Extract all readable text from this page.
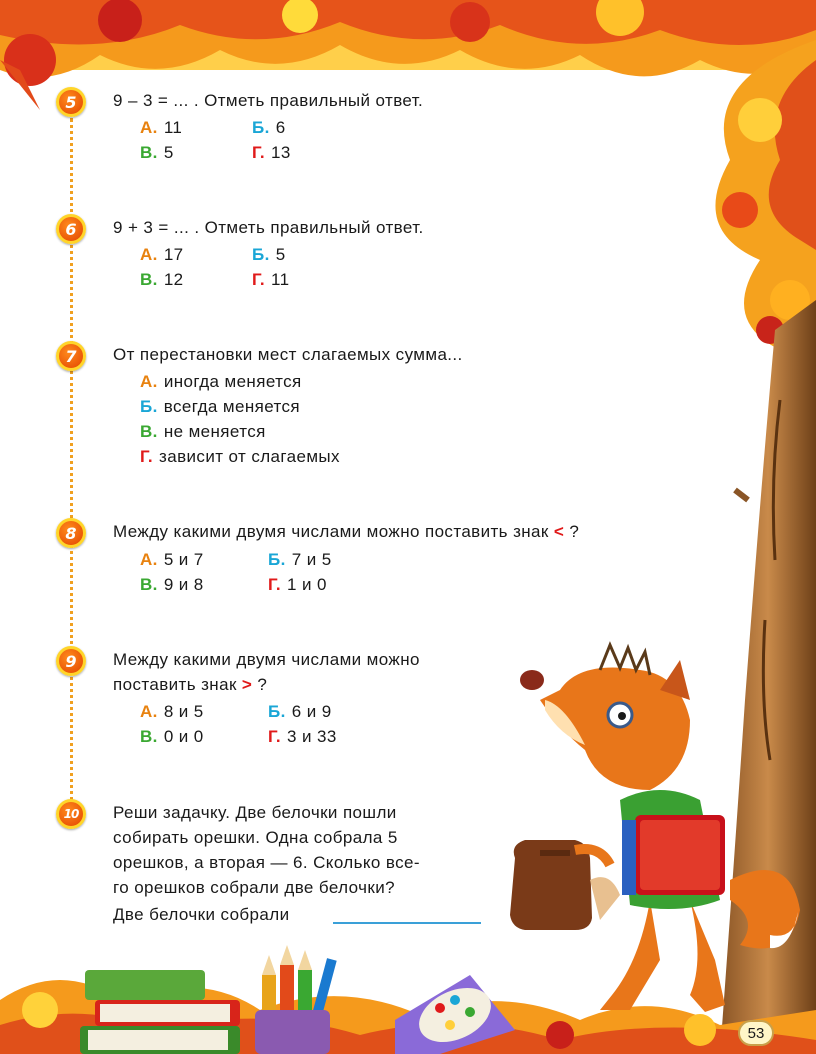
5	9 – 3 = ... . Отметь правильный ответ.
А. 11	Б. 6
В. 5	Г. 13
6	9 + 3 = ... . Отметь правильный ответ.
А. 17	Б. 5
В. 12	Г. 11
7	От перестановки мест слагаемых сумма...
А. иногда меняется
Б. всегда меняется
В. не меняется
Г. зависит от слагаемых
8	Между какими двумя числами можно поставить знак < ?
А. 5 и 7	Б. 7 и 5
В. 9 и 8	Г. 1 и 0
9	Между какими двумя числами можно
поставить знак > ?
А. 8 и 5	Б. 6 и 9
В. 0 и 0	Г. 3 и 33
10	Реши задачку. Две белочки пошли
собирать орешки. Одна собрала 5
орешков, а вторая — 6. Сколько все-
го орешков собрали две белочки?
Две белочки собрали
53
